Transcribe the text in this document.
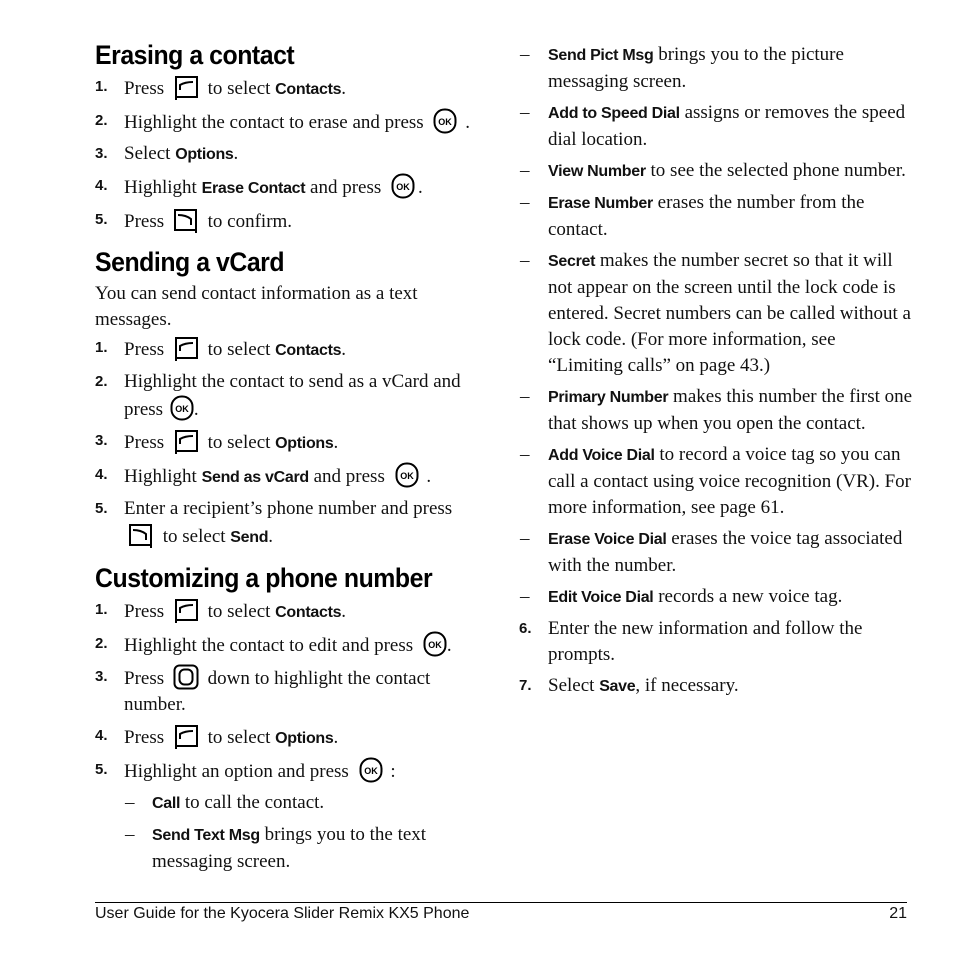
Erasing a contact
1. Press
to select Contacts.
2. Highlight the contact to erase and press OK .
3. Select Options.
4. Highlight Erase Contact and press OK .
5. Press
to confirm.
Sending a vCard

You can send contact information as a text messages.

1. Press
to select Contacts.
2. Highlight the contact to send as a vCard and press OK .
3. Press
to select Options.
4. Highlight Send as vCard and press OK .
5. Enter a recipient’s phone number and press

to select Send.
Customizing a phone number
1. Press
to select Contacts.
2. Highlight the contact to edit and press OK .
3. Press
down to highlight the contact number.
4. Press
to select Options.
5. Highlight an option and press OK :
– Call to call the contact.
– Send Text Msg brings you to the text messaging screen.
– Send Pict Msg brings you to the picture messaging screen.
– Add to Speed Dial assigns or removes the speed dial location.
– View Number to see the selected phone number.
– Erase Number erases the number from the contact.
– Secret makes the number secret so that it will not appear on the screen until the lock code is entered. Secret numbers can be called without a lock code. (For more information, see “Limiting calls” on page 43.)
– Primary Number makes this number the first one that shows up when you open the contact.
– Add Voice Dial to record a voice tag so you can call a contact using voice recognition (VR). For more information, see page 61.
– Erase Voice Dial erases the voice tag associated with the number.
– Edit Voice Dial records a new voice tag.
6. Enter the new information and follow the prompts.
7. Select Save, if necessary.
User Guide for the Kyocera Slider Remix KX5 Phone	21
